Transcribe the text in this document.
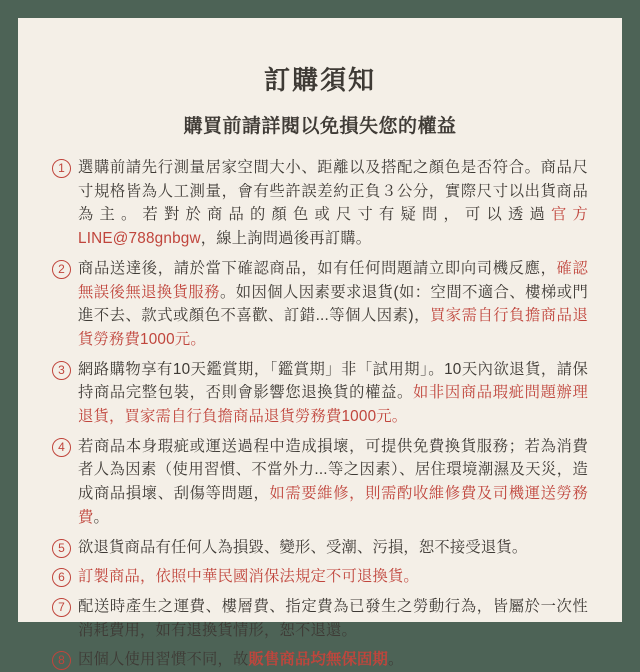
訂購須知
購買前請詳閱以免損失您的權益
1 選購前請先行測量居家空間大小、距離以及搭配之顏色是否符合。商品尺寸規格皆為人工測量，會有些許誤差約正負３公分，實際尺寸以出貨商品為主。若對於商品的顏色或尺寸有疑問，可以透過官方LINE@788gnbgw，線上詢問過後再訂購。
2 商品送達後，請於當下確認商品，如有任何問題請立即向司機反應，確認無誤後無退換貨服務。如因個人因素要求退貨(如：空間不適合、樓梯或門進不去、款式或顏色不喜歡、訂錯...等個人因素)，買家需自行負擔商品退貨勞務費1000元。
3 網路購物享有10天鑑賞期，「鑑賞期」非「試用期」。10天內欲退貨，請保持商品完整包裝，否則會影響您退換貨的權益。如非因商品瑕疵問題辦理退貨，買家需自行負擔商品退貨勞務費1000元。
4 若商品本身瑕疵或運送過程中造成損壞，可提供免費換貨服務；若為消費者人為因素（使用習慣、不當外力...等之因素）、居住環境潮濕及天災，造成商品損壞、刮傷等問題，如需要維修，則需酌收維修費及司機運送勞務費。
5 欲退貨商品有任何人為損毀、變形、受潮、污損，恕不接受退貨。
6 訂製商品，依照中華民國消保法規定不可退換貨。
7 配送時產生之運費、樓層費、指定費為已發生之勞動行為，皆屬於一次性消耗費用，如有退換貨情形，恕不退還。
8 因個人使用習慣不同，故販售商品均無保固期。
